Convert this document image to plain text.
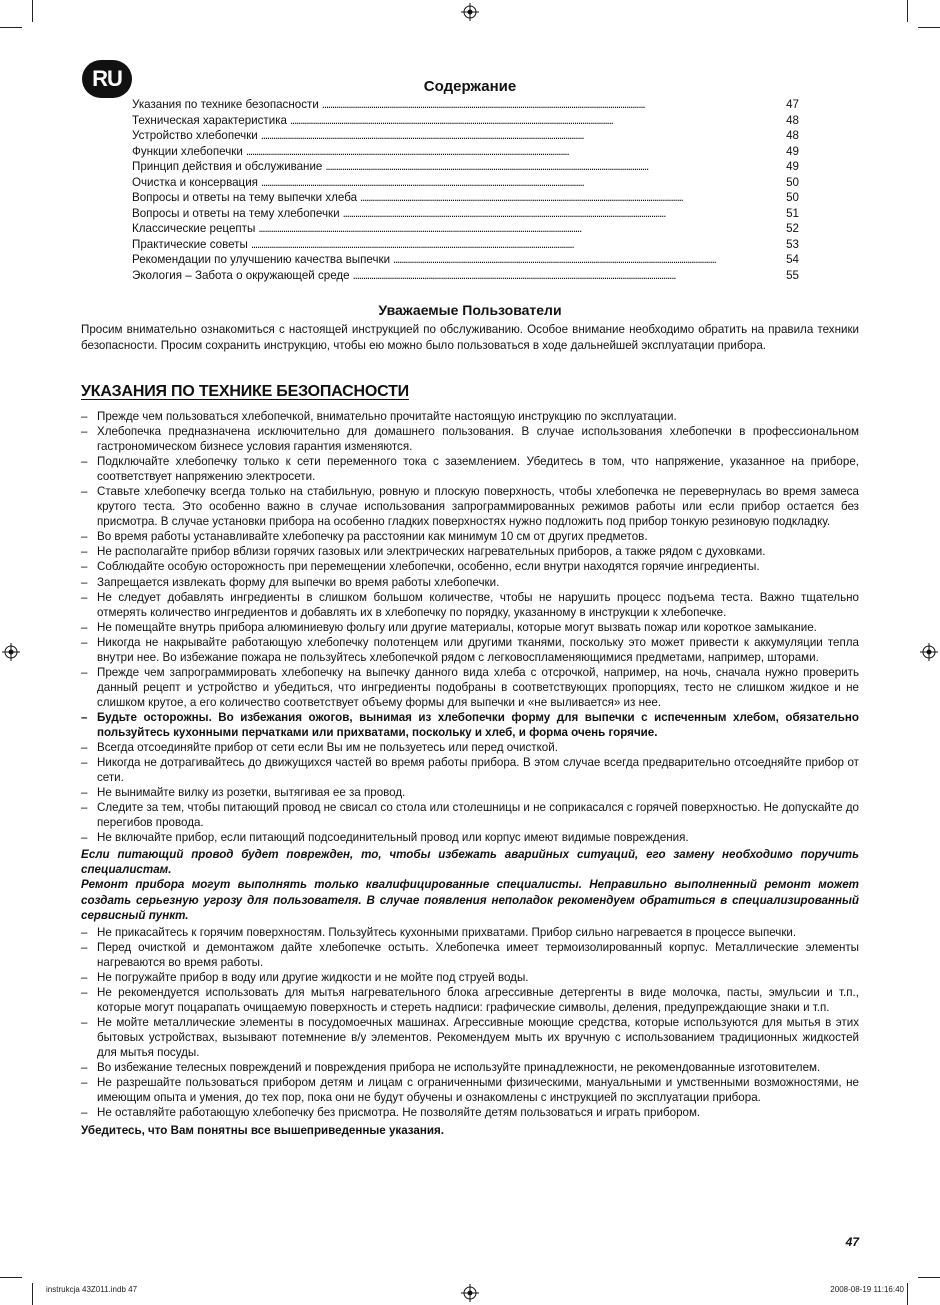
RU	Содержание
Указания по технике безопасности . . .	47
Техническая характеристика . . .	48
Устройство хлебопечки . . .	48
Функции хлебопечки . . .	49
Принцип действия и обслуживание . . .	49
Очистка и консервация . . .	50
Вопросы и ответы на тему выпечки хлеба . . .	50
Вопросы и ответы на тему хлебопечки . . .	51
Классические рецепты . . .	52
Практические советы . . .	53
Рекомендации по улучшению качества выпечки . . .	54
Экология – Забота о окружающей среде . . .	55
Уважаемые Пользователи
Просим внимательно ознакомиться с настоящей инструкцией по обслуживанию. Особое внимание необходимо обратить на правила техники безопасности. Просим сохранить инструкцию, чтобы ею можно было пользоваться в ходе дальнейшей эксплуатации прибора.
УКАЗАНИЯ ПО ТЕХНИКЕ БЕЗОПАСНОСТИ
– Прежде чем пользоваться хлебопечкой, внимательно прочитайте настоящую инструкцию по эксплуатации.
– Хлебопечка предназначена исключительно для домашнего пользования. В случае использования хлебопечки в профессиональном гастрономическом бизнесе условия гарантия изменяются.
– Подключайте хлебопечку только к сети переменного тока с заземлением. Убедитесь в том, что напряжение, указанное на приборе, соответствует напряжению электросети.
– Ставьте хлебопечку всегда только на стабильную, ровную и плоскую поверхность, чтобы хлебопечка не перевернулась во время замеса крутого теста. Это особенно важно в случае использования запрограммированных режимов работы или если прибор остается без присмотра. В случае установки прибора на особенно гладких поверхностях нужно подложить под прибор тонкую резиновую подкладку.
– Во время работы устанавливайте хлебопечку ра расстоянии как минимум 10 см от других предметов.
– Не располагайте прибор вблизи горячих газовых или электрических нагревательных приборов, а также рядом с духовками.
– Соблюдайте особую осторожность при перемещении хлебопечки, особенно, если внутри находятся горячие ингредиенты.
– Запрещается извлекать форму для выпечки во время работы хлебопечки.
– Не следует добавлять ингредиенты в слишком большом количестве, чтобы не нарушить процесс подъема теста. Важно тщательно отмерять количество ингредиентов и добавлять их в хлебопечку по порядку, указанному в инструкции к хлебопечке.
– Не помещайте внутрь прибора алюминиевую фольгу или другие материалы, которые могут вызвать пожар или короткое замыкание.
– Никогда не накрывайте работающую хлебопечку полотенцем или другими тканями, поскольку это может привести к аккумуляции тепла внутри нее. Во избежание пожара не пользуйтесь хлебопечкой рядом с легковоспламеняющимися предметами, например, шторами.
– Прежде чем запрограммировать хлебопечку на выпечку данного вида хлеба с отсрочкой, например, на ночь, сначала нужно проверить данный рецепт и устройство и убедиться, что ингредиенты подобраны в соответствующих пропорциях, тесто не слишком жидкое и не слишком крутое, а его количество соответствует объему формы для выпечки и «не выливается» из нее.
– Будьте осторожны. Во избежания ожогов, вынимая из хлебопечки форму для выпечки с испеченным хлебом, обязательно пользуйтесь кухонными перчатками или прихватами, поскольку и хлеб, и форма очень горячие.
– Всегда отсоединяйте прибор от сети если Вы им не пользуетесь или перед очисткой.
– Никогда не дотрагивайтесь до движущихся частей во время работы прибора. В этом случае всегда предварительно отсоедняйте прибор от сети.
– Не вынимайте вилку из розетки, вытягивая ее за провод.
– Следите за тем, чтобы питающий провод не свисал со стола или столешницы и не соприкасался с горячей поверхностью. Не допускайте до перегибов провода.
– Не включайте прибор, если питающий подсоединительный провод или корпус имеют видимые повреждения.

Если питающий провод будет поврежден, то, чтобы избежать аварийных ситуаций, его замену необходимо поручить специалистам.

Ремонт прибора могут выполнять только квалифицированные специалисты. Неправильно выполненный ремонт может создать серьезную угрозу для пользователя. В случае появления неполадок рекомендуем обратиться в специализированный сервисный пункт.

– Не прикасайтесь к горячим поверхностям. Пользуйтесь кухонными прихватами. Прибор сильно нагревается в процессе выпечки.
– Перед очисткой и демонтажом дайте хлебопечке остыть. Хлебопечка имеет термоизолированный корпус. Металлические элементы нагреваются во время работы.
– Не погружайте прибор в воду или другие жидкости и не мойте под струей воды.
– Не рекомендуется использовать для мытья нагревательного блока агрессивные детергенты в виде молочка, пасты, эмульсии и т.п., которые могут поцарапать очищаемую поверхность и стереть надписи: графические символы, деления, предупреждающие знаки и т.п.
– Не мойте металлические элементы в посудомоечных машинах. Агрессивные моющие средства, которые используются для мытья в этих бытовых устройствах, вызывают потемнение в/у элементов. Рекомендуем мыть их вручную с использованием традиционных жидкостей для мытья посуды.
– Во избежание телесных повреждений и повреждения прибора не используйте принадлежности, не рекомендованные изготовителем.
– Не разрешайте пользоваться прибором детям и лицам с ограниченными физическими, мануальными и умственными возможностями, не имеющим опыта и умения, до тех пор, пока они не будут обучены и ознакомлены с инструкцией по эксплуатации прибора.
– Не оставляйте работающую хлебопечку без присмотра. Не позволяйте детям пользоваться и играть прибором.
Убедитесь, что Вам понятны все вышеприведенные указания.
47
instrukcja 43Z011.indb 47	2008-08-19 11:16:40
